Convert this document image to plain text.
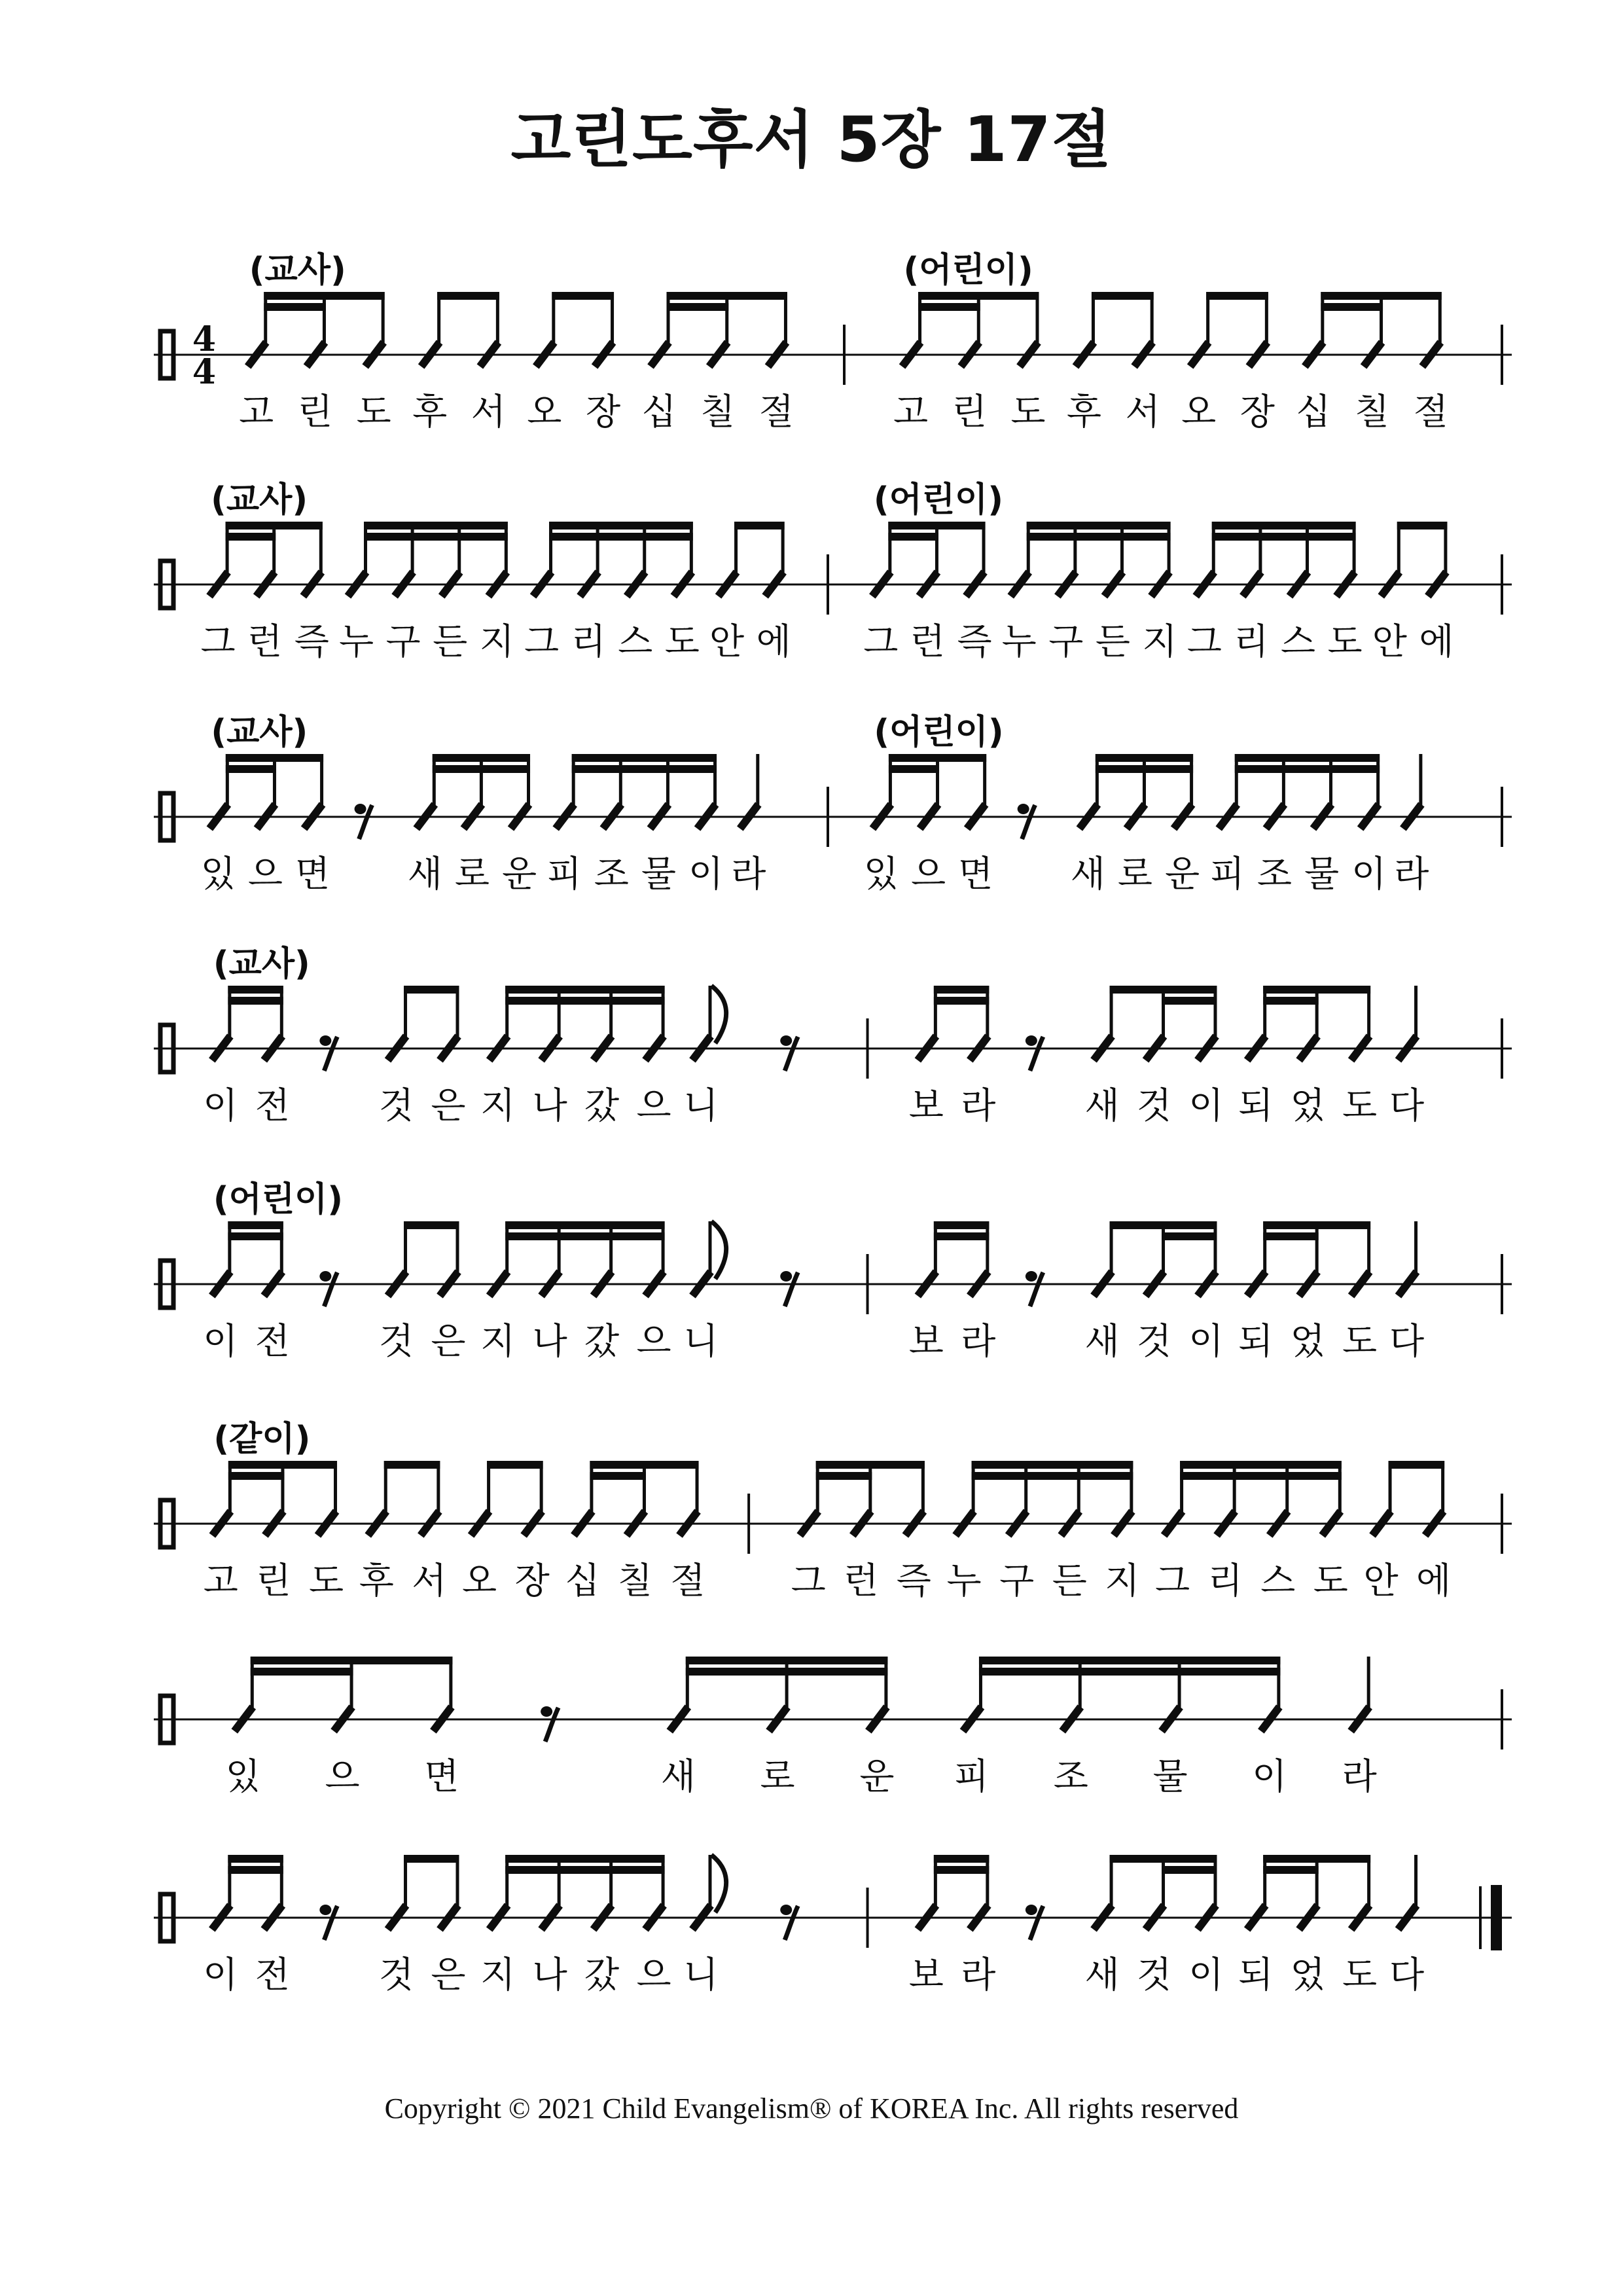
고린도후서 5장 17절
4
4
고 린 도 후 서 오 장 십 칠 절
(교사)
고 린 도 후 서 오 장 십 칠 절
(어린이)
그 런 즉 누 구 든 지 그 리 스 도 안 에
(교사)
그 런 즉 누 구 든 지 그 리 스 도 안 에
(어린이)
있 으 면 새 로 운 피 조 물 이 라
(교사)
있 으 면 새 로 운 피 조 물 이 라
(어린이)
이 전 것 은 지 나 갔 으 니
(교사)
보 라 새 것 이 되 었 도 다
이 전 것 은 지 나 갔 으 니
(어린이)
보 라 새 것 이 되 었 도 다
고 린 도 후 서 오 장 십 칠 절
(같이)
그 런 즉 누 구 든 지 그 리 스 도 안 에
있 으 면	새 로 운 피 조 물 이 라
이 전 것 은 지 나 갔 으 니	보 라 새 것 이 되 었 도 다
Copyright © 2021 Child Evangelism® of KOREA Inc. All rights reserved
